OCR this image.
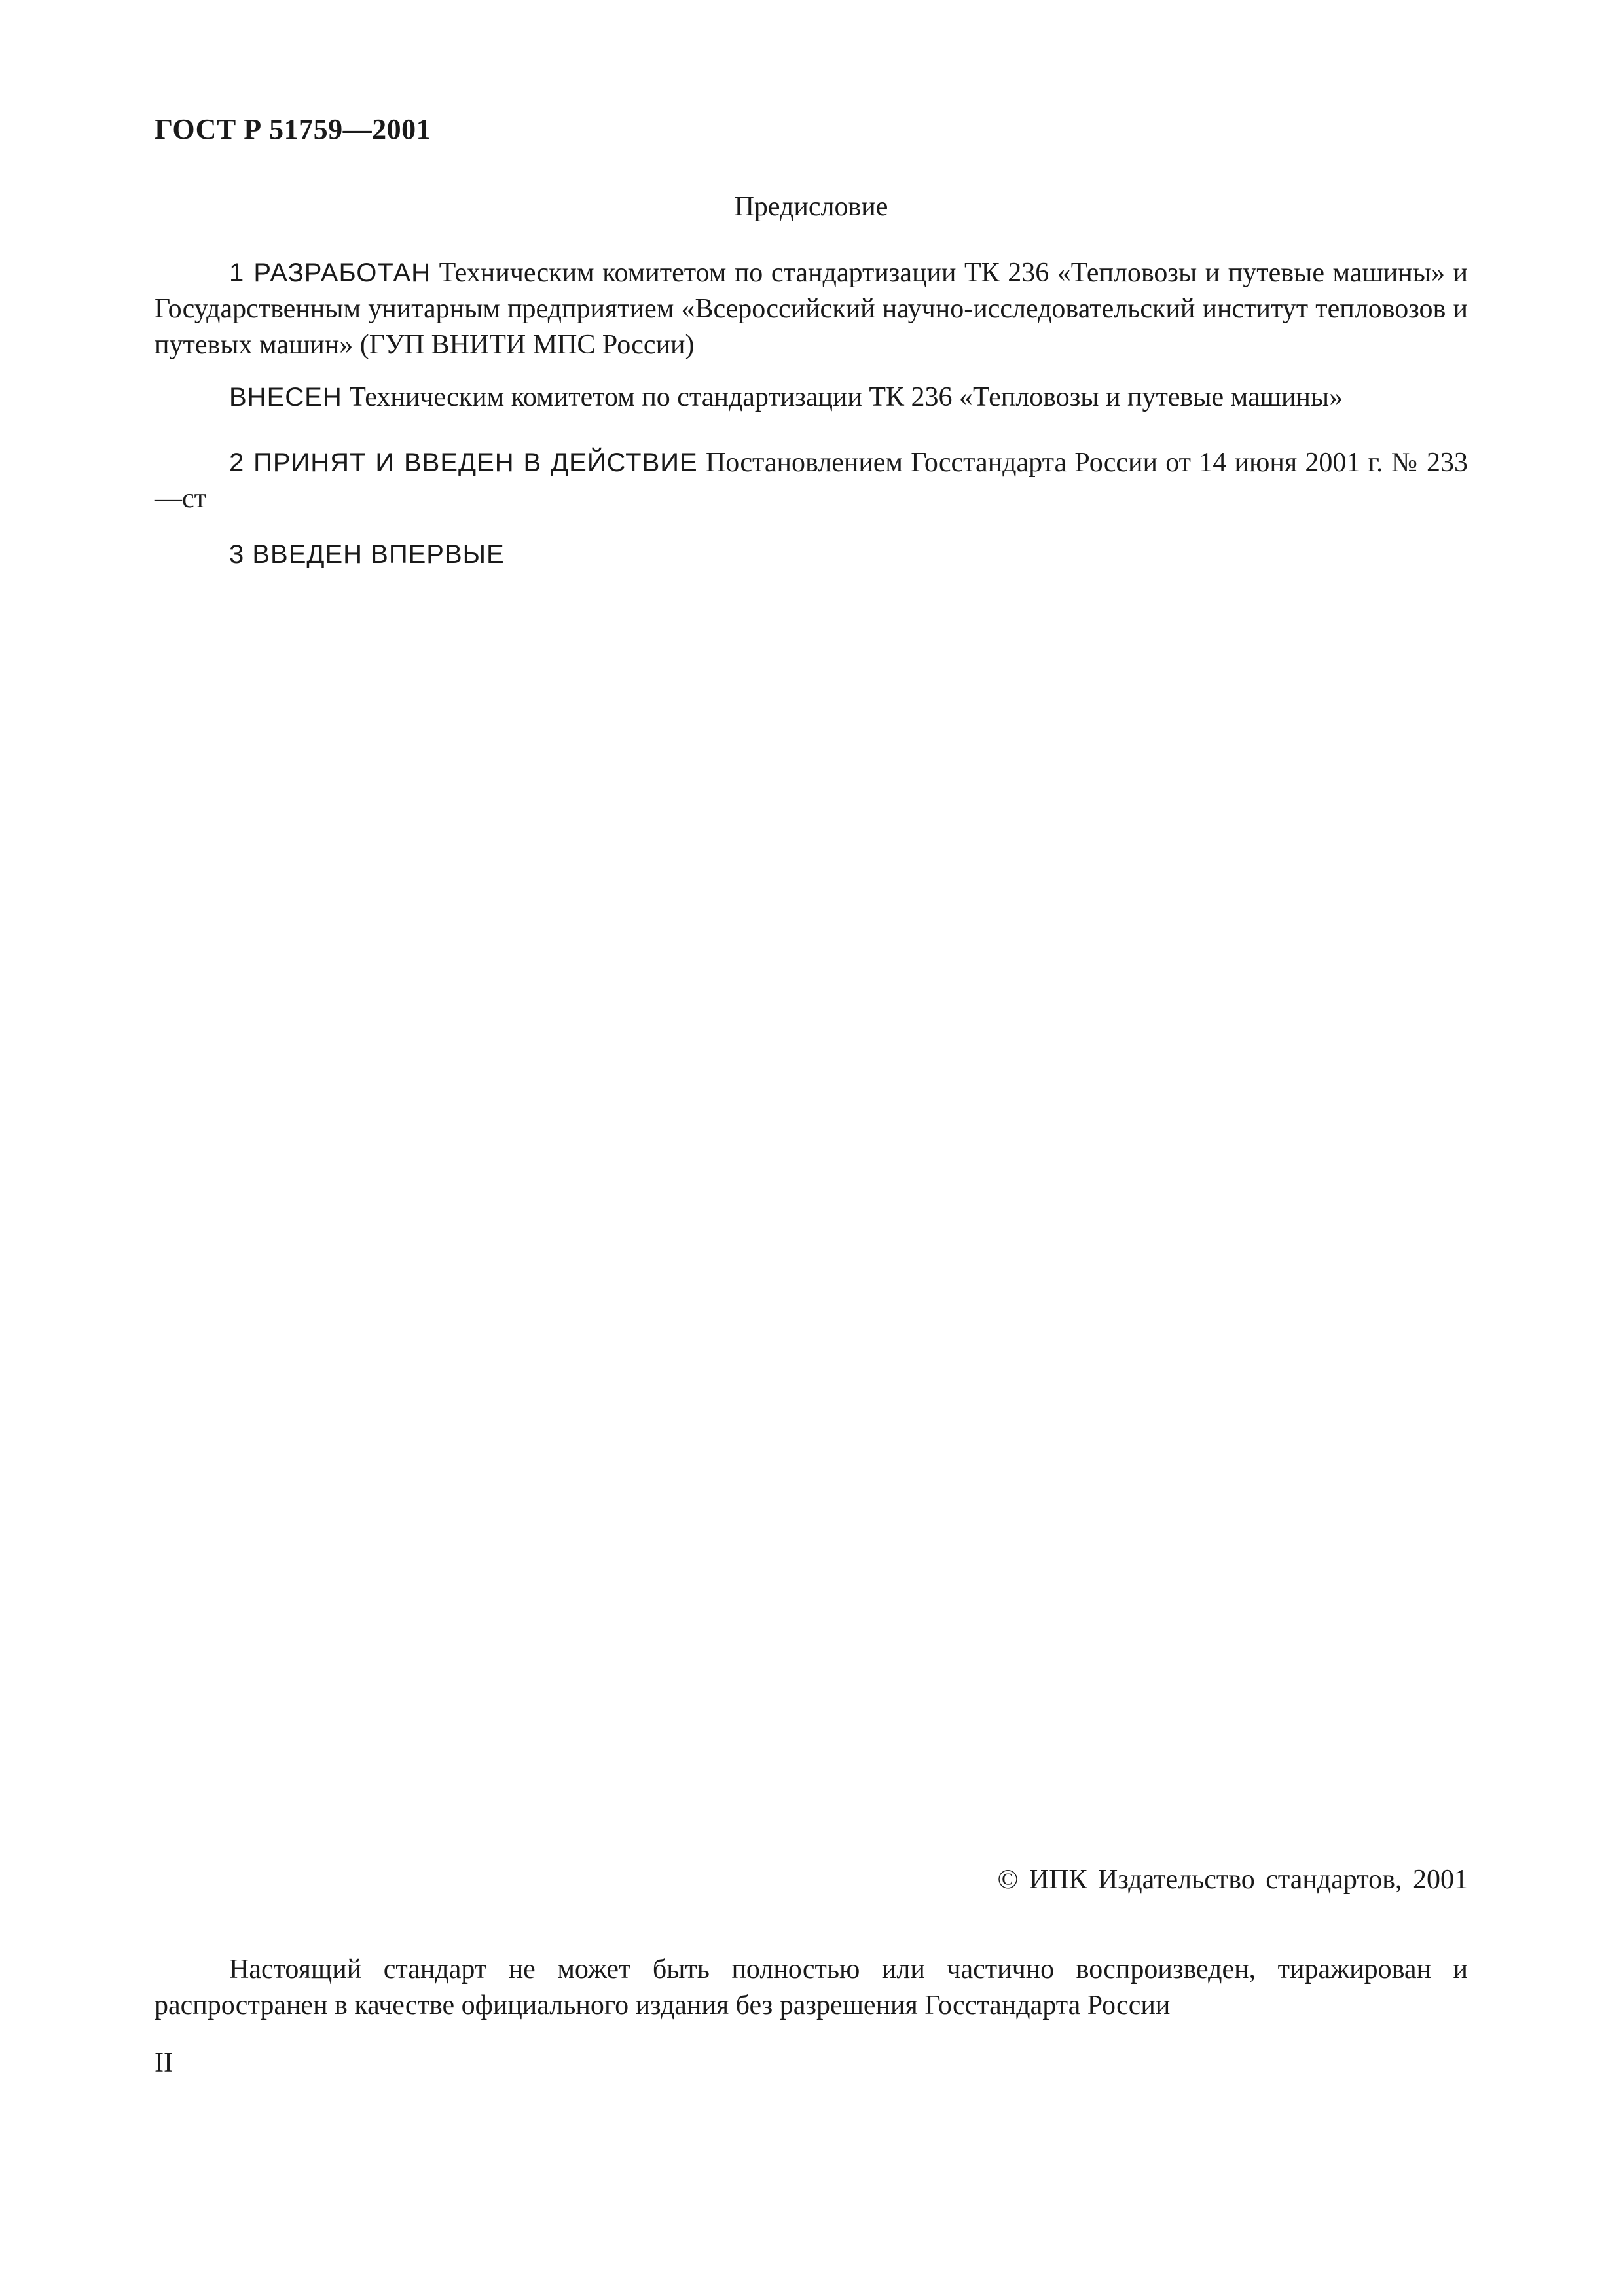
ГОСТ Р 51759—2001
Предисловие

1 РАЗРАБОТАН Техническим комитетом по стандартизации ТК 236 «Тепловозы и путевые машины» и Государственным унитарным предприятием «Всероссийский научно-исследовательский институт тепловозов и путевых машин» (ГУП ВНИТИ МПС России)

ВНЕСЕН Техническим комитетом по стандартизации ТК 236 «Тепловозы и путевые машины»

2 ПРИНЯТ И ВВЕДЕН В ДЕЙСТВИЕ Постановлением Госстандарта России от 14 июня 2001 г. № 233—ст

3 ВВЕДЕН ВПЕРВЫЕ

© ИПК Издательство стандартов, 2001

Настоящий стандарт не может быть полностью или частично воспроизведен, тиражирован и распространен в качестве официального издания без разрешения Госстандарта России

II
